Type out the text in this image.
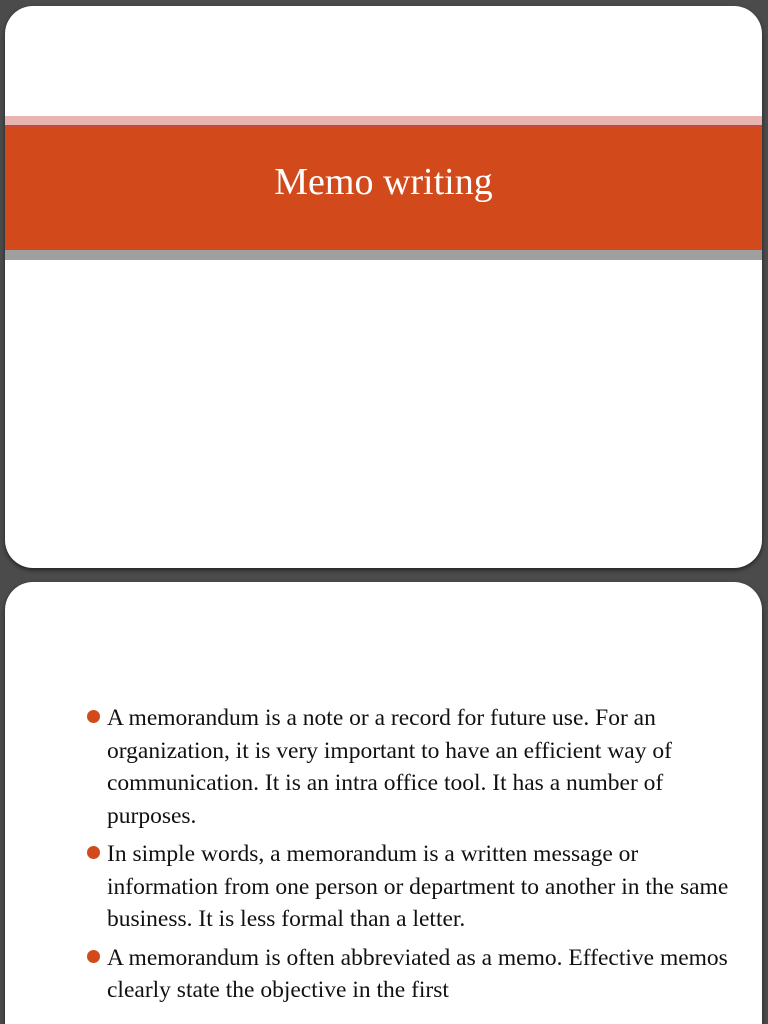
Memo writing
A memorandum is a note or a record for future use. For an organization, it is very important to have an efficient way of communication. It is an intra office tool. It has a number of purposes.
In simple words, a memorandum is a written message or information from one person or department to another in the same business. It is less formal than a letter.
A memorandum is often abbreviated as a memo. Effective memos clearly state the objective in the first
